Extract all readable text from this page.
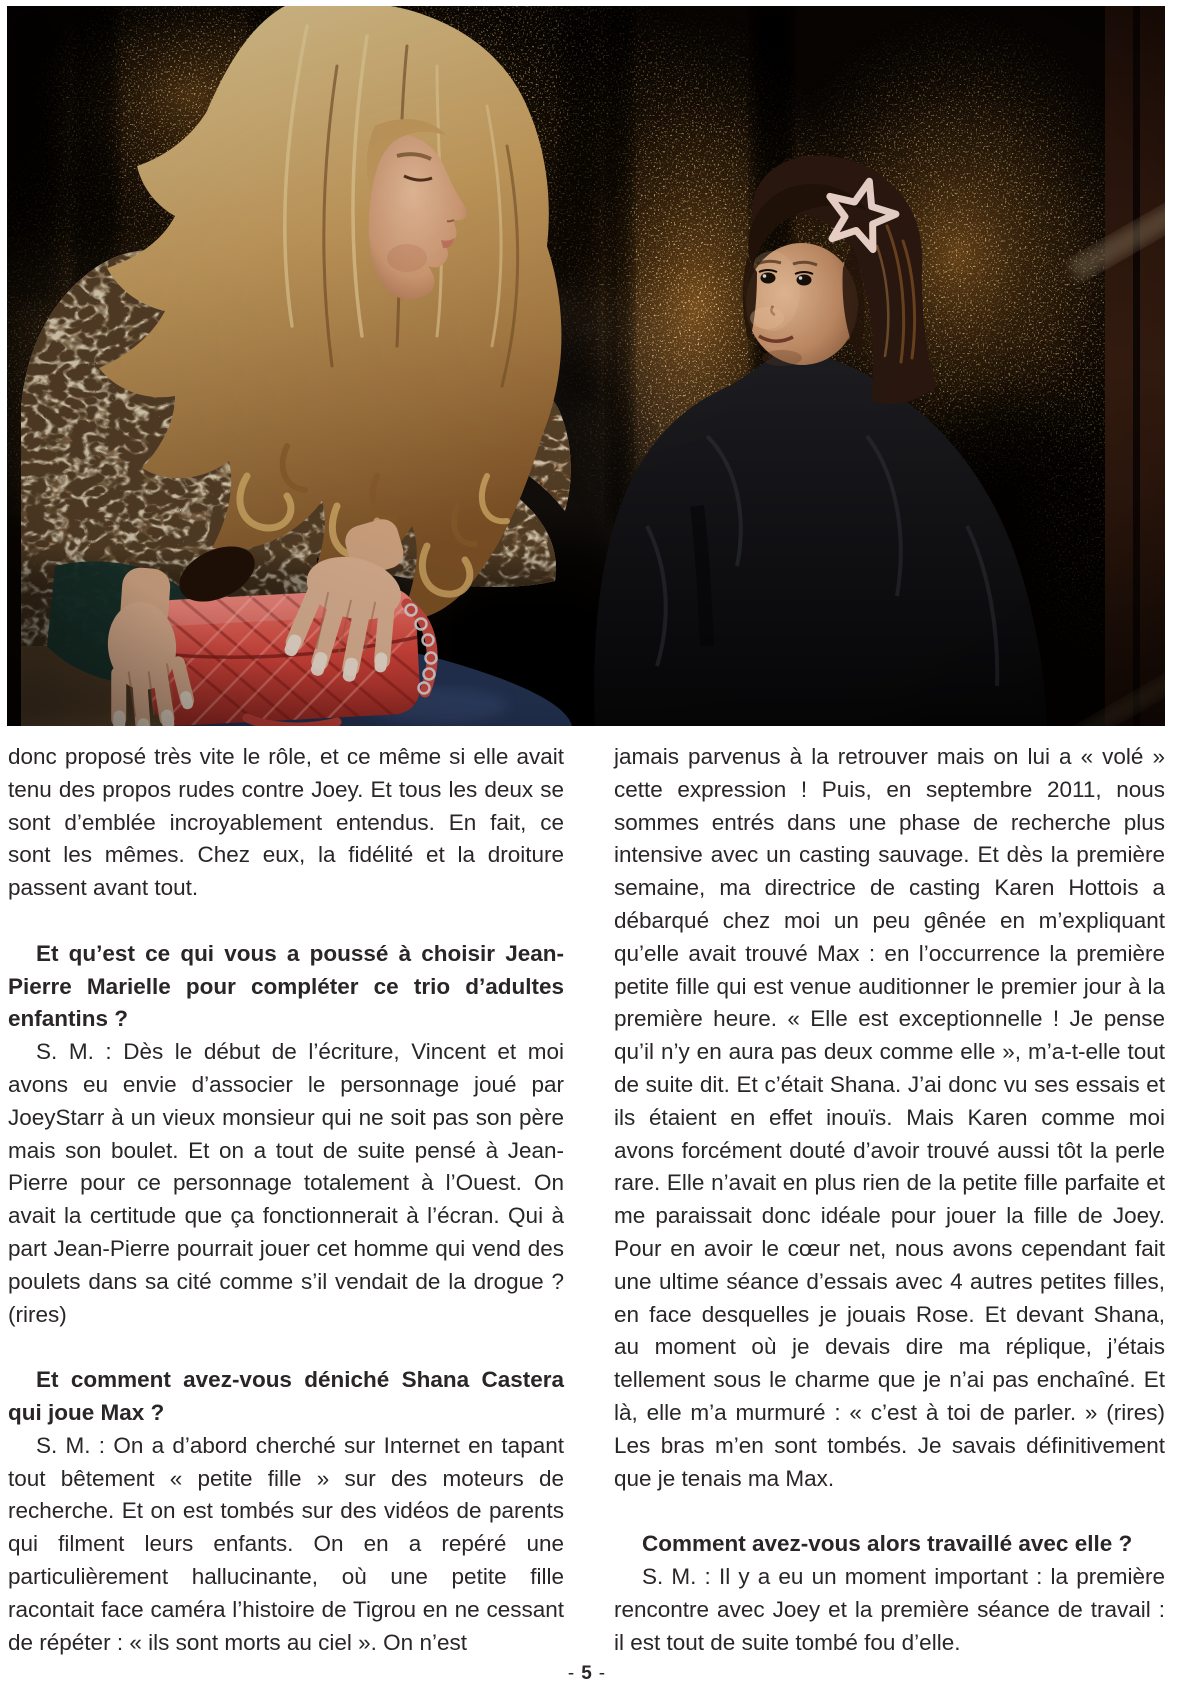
donc proposé très vite le rôle, et ce même si elle avait tenu des propos rudes contre Joey. Et tous les deux se sont d’emblée incroyablement entendus. En fait, ce sont les mêmes. Chez eux, la fidélité et la droiture passent avant tout.

Et qu’est ce qui vous a poussé à choisir Jean-Pierre Marielle pour compléter ce trio d’adultes enfantins ?

S. M. : Dès le début de l’écriture, Vincent et moi avons eu envie d’associer le personnage joué par JoeyStarr à un vieux monsieur qui ne soit pas son père mais son boulet. Et on a tout de suite pensé à Jean-Pierre pour ce personnage totalement à l’Ouest. On avait la certitude que ça fonctionnerait à l’écran. Qui à part Jean-Pierre pourrait jouer cet homme qui vend des poulets dans sa cité comme s’il vendait de la drogue ? (rires)

Et comment avez-vous déniché Shana Castera qui joue Max ?

S. M. : On a d’abord cherché sur Internet en tapant tout bêtement « petite fille » sur des moteurs de recherche. Et on est tombés sur des vidéos de parents qui filment leurs enfants. On en a repéré une particulièrement hallucinante, où une petite fille racontait face caméra l’histoire de Tigrou en ne cessant de répéter : « ils sont morts au ciel ». On n’est

jamais parvenus à la retrouver mais on lui a « volé » cette expression ! Puis, en septembre 2011, nous sommes entrés dans une phase de recherche plus intensive avec un casting sauvage. Et dès la première semaine, ma directrice de casting Karen Hottois a débarqué chez moi un peu gênée en m’expliquant qu’elle avait trouvé Max : en l’occurrence la première petite fille qui est venue auditionner le premier jour à la première heure. « Elle est exceptionnelle ! Je pense qu’il n’y en aura pas deux comme elle », m’a-t-elle tout de suite dit. Et c’était Shana. J’ai donc vu ses essais et ils étaient en effet inouïs. Mais Karen comme moi avons forcément douté d’avoir trouvé aussi tôt la perle rare. Elle n’avait en plus rien de la petite fille parfaite et me paraissait donc idéale pour jouer la fille de Joey. Pour en avoir le cœur net, nous avons cependant fait une ultime séance d’essais avec 4 autres petites filles, en face desquelles je jouais Rose. Et devant Shana, au moment où je devais dire ma réplique, j’étais tellement sous le charme que je n’ai pas enchaîné. Et là, elle m’a murmuré : « c’est à toi de parler. » (rires) Les bras m’en sont tombés. Je savais définitivement que je tenais ma Max.

Comment avez-vous alors travaillé avec elle ?

S. M. : Il y a eu un moment important : la première rencontre avec Joey et la première séance de travail : il est tout de suite tombé fou d’elle.

- 5 -
